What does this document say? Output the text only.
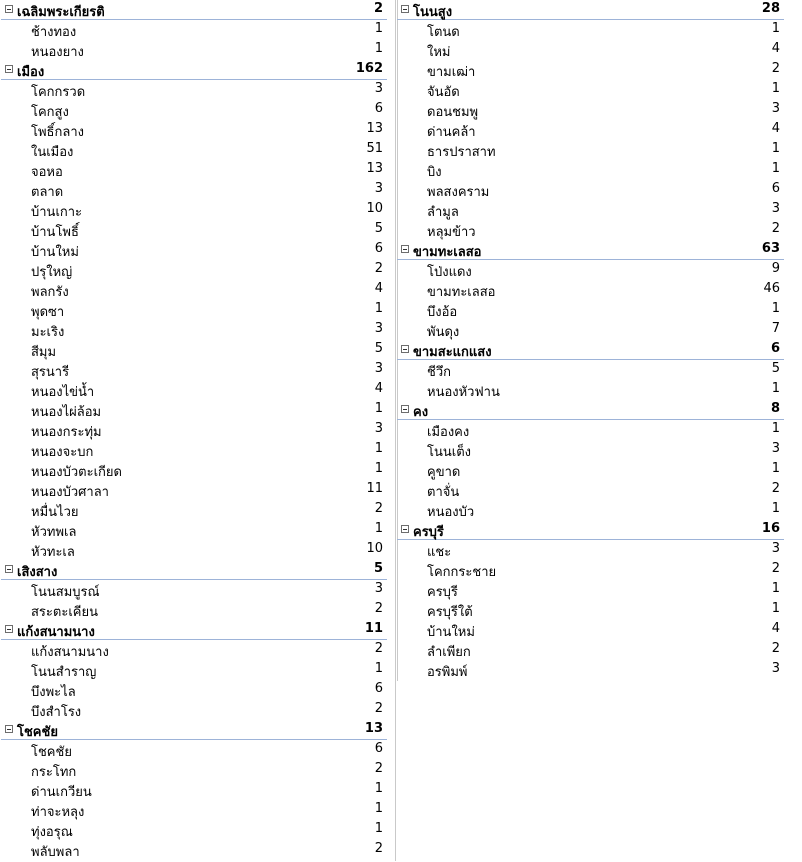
เฉลิมพระเกียรติ	2
ช้างทอง	1
หนองยาง	1
เมือง	162
โคกกรวด	3
โคกสูง	6
โพธิ์กลาง	13
ในเมือง	51
จอหอ	13
ตลาด	3
บ้านเกาะ	10
บ้านโพธิ์	5
บ้านใหม่	6
ปรุใหญ่	2
พลกรัง	4
พุดซา	1
มะเริง	3
สีมุม	5
สุรนารี	3
หนองไข่น้ำ	4
หนองไผ่ล้อม	1
หนองกระทุ่ม	3
หนองจะบก	1
หนองบัวตะเกียด	1
หนองบัวศาลา	11
หมื่นไวย	2
หัวทพเล	1
หัวทะเล	10
เสิงสาง	5
โนนสมบูรณ์	3
สระตะเคียน	2
แก้งสนามนาง	11
แก้งสนามนาง	2
โนนสำราญ	1
บึงพะไล	6
บึงสำโรง	2
โชคชัย	13
โชคชัย	6
กระโทก	2
ด่านเกวียน	1
ท่าจะหลุง	1
ทุ่งอรุณ	1
พลับพลา	2
โนนสูง	28
โตนด	1
ใหม่	4
ขามเฒ่า	2
จันอัด	1
ดอนชมพู	3
ด่านคล้า	4
ธารปราสาท	1
บิง	1
พลสงคราม	6
ลำมูล	3
หลุมข้าว	2
ขามทะเลสอ	63
โป่งแดง	9
ขามทะเลสอ	46
บึงอ้อ	1
พันดุง	7
ขามสะแกแสง	6
ชีวึก	5
หนองหัวฟาน	1
คง	8
เมืองคง	1
โนนเต็ง	3
คูขาด	1
ตาจั่น	2
หนองบัว	1
ครบุรี	16
แชะ	3
โคกกระชาย	2
ครบุรี	1
ครบุรีใต้	1
บ้านใหม่	4
ลำเพียก	2
อรพิมพ์	3
